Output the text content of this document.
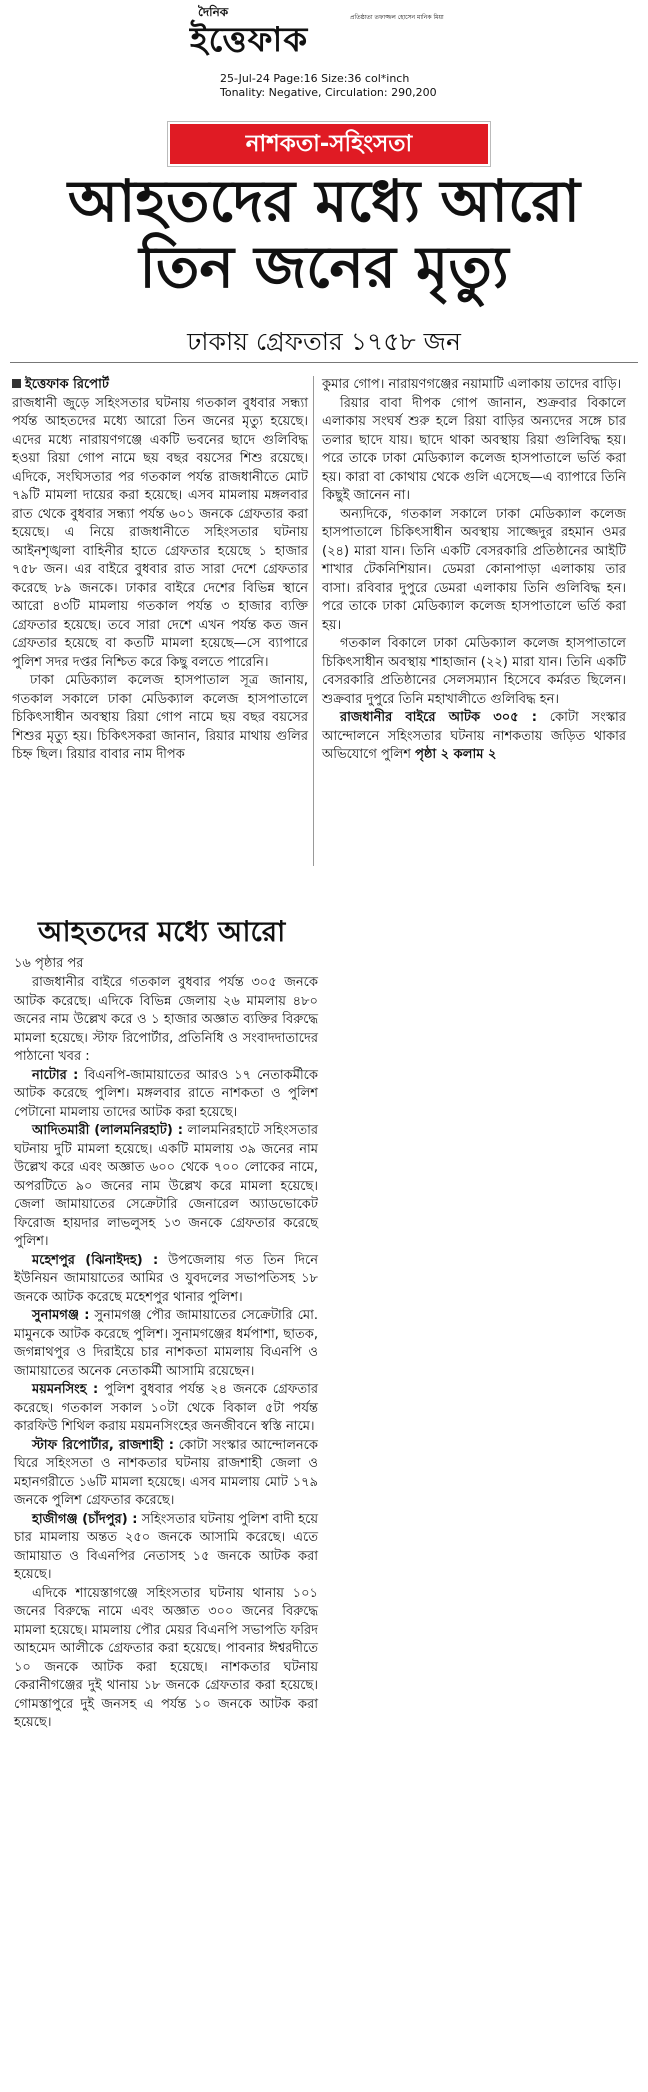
দৈনিক
ইত্তেফাক
প্রতিষ্ঠাতা তফাজ্জল হোসেন মানিক মিয়া
25-Jul-24 Page:16 Size:36 col*inch
Tonality: Negative, Circulation: 290,200
নাশকতা-সহিংসতা
আহতদের মধ্যে আরো
তিন জনের মৃত্যু
ঢাকায় গ্রেফতার ১৭৫৮ জন

ইত্তেফাক রিপোর্ট

রাজধানী জুড়ে সহিংসতার ঘটনায় গতকাল বুধবার সন্ধ্যা পর্যন্ত আহতদের মধ্যে আরো তিন জনের মৃত্যু হয়েছে। এদের মধ্যে নারায়ণগঞ্জে একটি ভবনের ছাদে গুলিবিদ্ধ হওয়া রিয়া গোপ নামে ছয় বছর বয়সের শিশু রয়েছে। এদিকে, সংঘিসতার পর গতকাল পর্যন্ত রাজধানীতে মোট ৭৯টি মামলা দায়ের করা হয়েছে। এসব মামলায় মঙ্গলবার রাত থেকে বুধবার সন্ধ্যা পর্যন্ত ৬০১ জনকে গ্রেফতার করা হয়েছে। এ নিয়ে রাজধানীতে সহিংসতার ঘটনায় আইনশৃঙ্খলা বাহিনীর হাতে গ্রেফতার হয়েছে ১ হাজার ৭৫৮ জন। এর বাইরে বুধবার রাত সারা দেশে গ্রেফতার করেছে ৮৯ জনকে। ঢাকার বাইরে দেশের বিভিন্ন স্থানে আরো ৪৩টি মামলায় গতকাল পর্যন্ত ৩ হাজার ব্যক্তি গ্রেফতার হয়েছে। তবে সারা দেশে এখন পর্যন্ত কত জন গ্রেফতার হয়েছে বা কতটি মামলা হয়েছে—সে ব্যাপারে পুলিশ সদর দপ্তর নিশ্চিত করে কিছু বলতে পারেনি।

ঢাকা মেডিক্যাল কলেজ হাসপাতাল সূত্র জানায়, গতকাল সকালে ঢাকা মেডিক্যাল কলেজ হাসপাতালে চিকিৎসাধীন অবস্থায় রিয়া গোপ নামে ছয় বছর বয়সের শিশুর মৃত্যু হয়। চিকিৎসকরা জানান, রিয়ার মাথায় গুলির চিহ্ন ছিল। রিয়ার বাবার নাম দীপক

কুমার গোপ। নারায়ণগঞ্জের নয়ামাটি এলাকায় তাদের বাড়ি।

রিয়ার বাবা দীপক গোপ জানান, শুক্রবার বিকালে এলাকায় সংঘর্ষ শুরু হলে রিয়া বাড়ির অন্যদের সঙ্গে চার তলার ছাদে যায়। ছাদে থাকা অবস্থায় রিয়া গুলিবিদ্ধ হয়। পরে তাকে ঢাকা মেডিক্যাল কলেজ হাসপাতালে ভর্তি করা হয়। কারা বা কোথায় থেকে গুলি এসেছে—এ ব্যাপারে তিনি কিছুই জানেন না।

অন্যদিকে, গতকাল সকালে ঢাকা মেডিক্যাল কলেজ হাসপাতালে চিকিৎসাধীন অবস্থায় সাজ্জেদুর রহমান ওমর (২৪) মারা যান। তিনি একটি বেসরকারি প্রতিষ্ঠানের আইটি শাখার টেকনিশিয়ান। ডেমরা কোনাপাড়া এলাকায় তার বাসা। রবিবার দুপুরে ডেমরা এলাকায় তিনি গুলিবিদ্ধ হন। পরে তাকে ঢাকা মেডিক্যাল কলেজ হাসপাতালে ভর্তি করা হয়।

গতকাল বিকালে ঢাকা মেডিক্যাল কলেজ হাসপাতালে চিকিৎসাধীন অবস্থায় শাহাজান (২২) মারা যান। তিনি একটি বেসরকারি প্রতিষ্ঠানের সেলসম্যান হিসেবে কর্মরত ছিলেন। শুক্রবার দুপুরে তিনি মহাখালীতে গুলিবিদ্ধ হন।

রাজধানীর বাইরে আটক ৩০৫ : কোটা সংস্কার আন্দোলনে সহিংসতার ঘটনায় নাশকতায় জড়িত থাকার অভিযোগে পুলিশ পৃষ্ঠা ২ কলাম ২

আহতদের মধ্যে আরো
১৬ পৃষ্ঠার পর

রাজধানীর বাইরে গতকাল বুধবার পর্যন্ত ৩০৫ জনকে আটক করেছে। এদিকে বিভিন্ন জেলায় ২৬ মামলায় ৪৮০ জনের নাম উল্লেখ করে ও ১ হাজার অজ্ঞাত ব্যক্তির বিরুদ্ধে মামলা হয়েছে। স্টাফ রিপোর্টার, প্রতিনিধি ও সংবাদদাতাদের পাঠানো খবর :

নাটোর : বিএনপি-জামায়াতের আরও ১৭ নেতাকর্মীকে আটক করেছে পুলিশ। মঙ্গলবার রাতে নাশকতা ও পুলিশ পেটানো মামলায় তাদের আটক করা হয়েছে।

আদিতমারী (লালমনিরহাট) : লালমনিরহাটে সহিংসতার ঘটনায় দুটি মামলা হয়েছে। একটি মামলায় ৩৯ জনের নাম উল্লেখ করে এবং অজ্ঞাত ৬০০ থেকে ৭০০ লোকের নামে, অপরটিতে ৯০ জনের নাম উল্লেখ করে মামলা হয়েছে। জেলা জামায়াতের সেক্রেটারি জেনারেল অ্যাডভোকেট ফিরোজ হায়দার লাভলুসহ ১৩ জনকে গ্রেফতার করেছে পুলিশ।

মহেশপুর (ঝিনাইদহ) : উপজেলায় গত তিন দিনে ইউনিয়ন জামায়াতের আমির ও যুবদলের সভাপতিসহ ১৮ জনকে আটক করেছে মহেশপুর থানার পুলিশ।

সুনামগঞ্জ : সুনামগঞ্জ পৌর জামায়াতের সেক্রেটারি মো. মামুনকে আটক করেছে পুলিশ। সুনামগঞ্জের ধর্মপাশা, ছাতক, জগন্নাথপুর ও দিরাইয়ে চার নাশকতা মামলায় বিএনপি ও জামায়াতের অনেক নেতাকর্মী আসামি রয়েছেন।

ময়মনসিংহ : পুলিশ বুধবার পর্যন্ত ২৪ জনকে গ্রেফতার করেছে। গতকাল সকাল ১০টা থেকে বিকাল ৫টা পর্যন্ত কারফিউ শিথিল করায় ময়মনসিংহের জনজীবনে স্বস্তি নামে।

স্টাফ রিপোর্টার, রাজশাহী : কোটা সংস্কার আন্দোলনকে ঘিরে সহিংসতা ও নাশকতার ঘটনায় রাজশাহী জেলা ও মহানগরীতে ১৬টি মামলা হয়েছে। এসব মামলায় মোট ১৭৯ জনকে পুলিশ গ্রেফতার করেছে।

হাজীগঞ্জ (চাঁদপুর) : সহিংসতার ঘটনায় পুলিশ বাদী হয়ে চার মামলায় অন্তত ২৫০ জনকে আসামি করেছে। এতে জামায়াত ও বিএনপির নেতাসহ ১৫ জনকে আটক করা হয়েছে।

এদিকে শায়েস্তাগঞ্জে সহিংসতার ঘটনায় থানায় ১০১ জনের বিরুদ্ধে নামে এবং অজ্ঞাত ৩০০ জনের বিরুদ্ধে মামলা হয়েছে। মামলায় পৌর মেয়র বিএনপি সভাপতি ফরিদ আহমেদ আলীকে গ্রেফতার করা হয়েছে। পাবনার ঈশ্বরদীতে ১০ জনকে আটক করা হয়েছে। নাশকতার ঘটনায় কেরানীগঞ্জের দুই থানায় ১৮ জনকে গ্রেফতার করা হয়েছে। গোমস্তাপুরে দুই জনসহ এ পর্যন্ত ১০ জনকে আটক করা হয়েছে।
